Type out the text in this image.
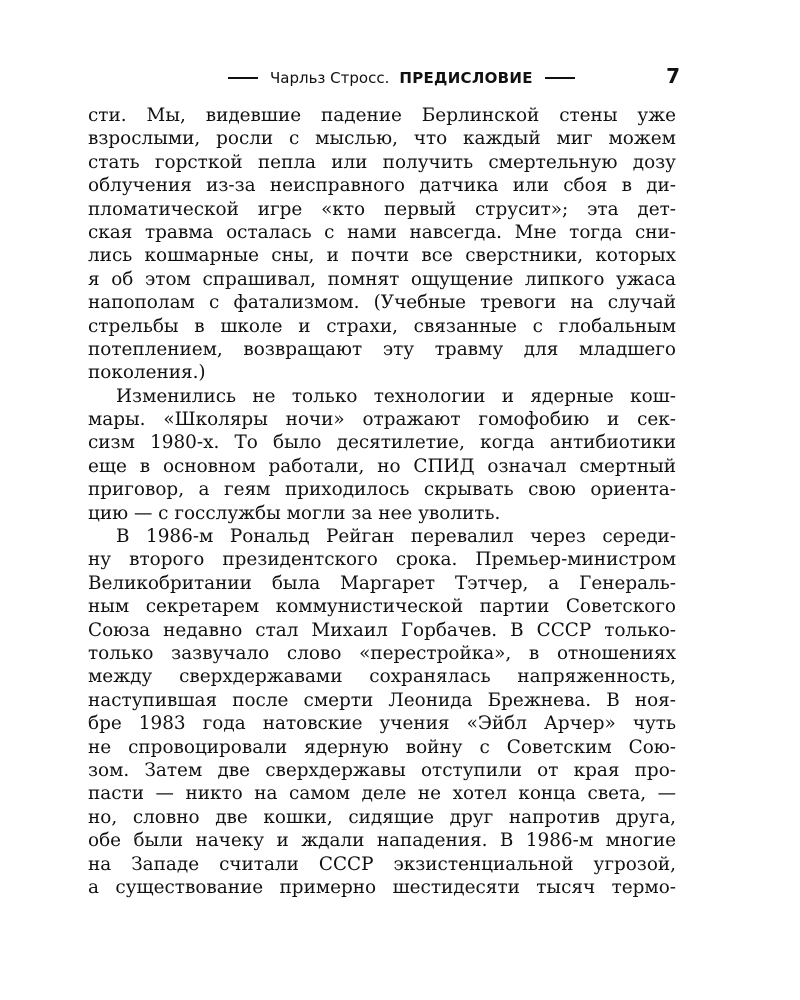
Чарльз Стросс. ПРЕДИСЛОВИЕ	7
сти. Мы, видевшие падение Берлинской стены уже
взрослыми, росли с мыслью, что каждый миг можем
стать горсткой пепла или получить смертельную дозу
облучения из-за неисправного датчика или сбоя в ди-
пломатической игре «кто первый струсит»; эта дет-
ская травма осталась с нами навсегда. Мне тогда сни-
лись кошмарные сны, и почти все сверстники, которых
я об этом спрашивал, помнят ощущение липкого ужаса
напополам с фатализмом. (Учебные тревоги на случай
стрельбы в школе и страхи, связанные с глобальным
потеплением, возвращают эту травму для младшего
поколения.)
Изменились не только технологии и ядерные кош-
мары. «Школяры ночи» отражают гомофобию и сек-
сизм 1980-х. То было десятилетие, когда антибиотики
еще в основном работали, но СПИД означал смертный
приговор, а геям приходилось скрывать свою ориента-
цию — с госслужбы могли за нее уволить.
В 1986-м Рональд Рейган перевалил через середи-
ну второго президентского срока. Премьер-министром
Великобритании была Маргарет Тэтчер, а Генераль-
ным секретарем коммунистической партии Советского
Союза недавно стал Михаил Горбачев. В СССР только-
только зазвучало слово «перестройка», в отношениях
между сверхдержавами сохранялась напряженность,
наступившая после смерти Леонида Брежнева. В ноя-
бре 1983 года натовские учения «Эйбл Арчер» чуть
не спровоцировали ядерную войну с Советским Сою-
зом. Затем две сверхдержавы отступили от края про-
пасти — никто на самом деле не хотел конца света, —
но, словно две кошки, сидящие друг напротив друга,
обе были начеку и ждали нападения. В 1986-м многие
на Западе считали СССР экзистенциальной угрозой,
а существование примерно шестидесяти тысяч термо-
